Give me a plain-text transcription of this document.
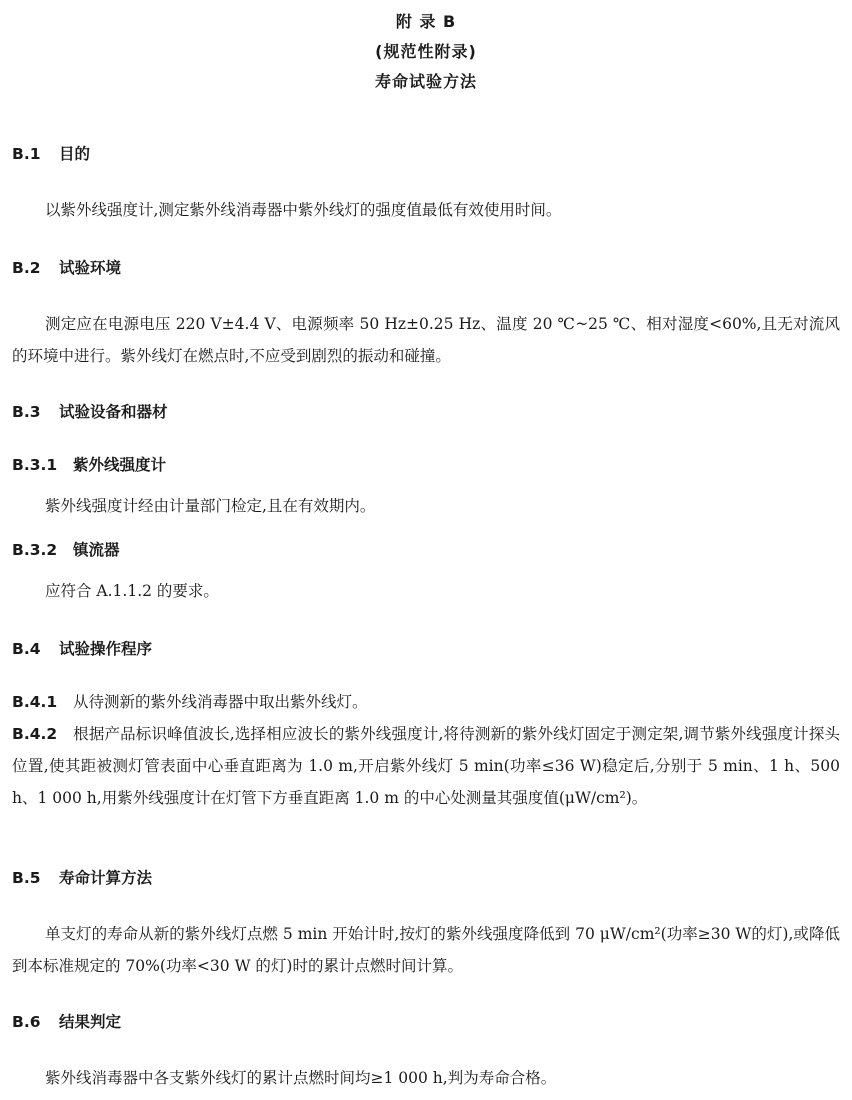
附 录 B
(规范性附录)
寿命试验方法
B.1 目的
以紫外线强度计,测定紫外线消毒器中紫外线灯的强度值最低有效使用时间。
B.2 试验环境
测定应在电源电压 220 V±4.4 V、电源频率 50 Hz±0.25 Hz、温度 20 ℃~25 ℃、相对湿度<60%,且无对流风的环境中进行。紫外线灯在燃点时,不应受到剧烈的振动和碰撞。
B.3 试验设备和器材
B.3.1 紫外线强度计
紫外线强度计经由计量部门检定,且在有效期内。
B.3.2 镇流器
应符合 A.1.1.2 的要求。
B.4 试验操作程序
B.4.1 从待测新的紫外线消毒器中取出紫外线灯。
B.4.2 根据产品标识峰值波长,选择相应波长的紫外线强度计,将待测新的紫外线灯固定于测定架,调节紫外线强度计探头位置,使其距被测灯管表面中心垂直距离为 1.0 m,开启紫外线灯 5 min(功率≤36 W)稳定后,分别于 5 min、1 h、500 h、1 000 h,用紫外线强度计在灯管下方垂直距离 1.0 m 的中心处测量其强度值(μW/cm²)。
B.5 寿命计算方法
单支灯的寿命从新的紫外线灯点燃 5 min 开始计时,按灯的紫外线强度降低到 70 μW/cm²(功率≥30 W的灯),或降低到本标准规定的 70%(功率<30 W 的灯)时的累计点燃时间计算。
B.6 结果判定
紫外线消毒器中各支紫外线灯的累计点燃时间均≥1 000 h,判为寿命合格。
